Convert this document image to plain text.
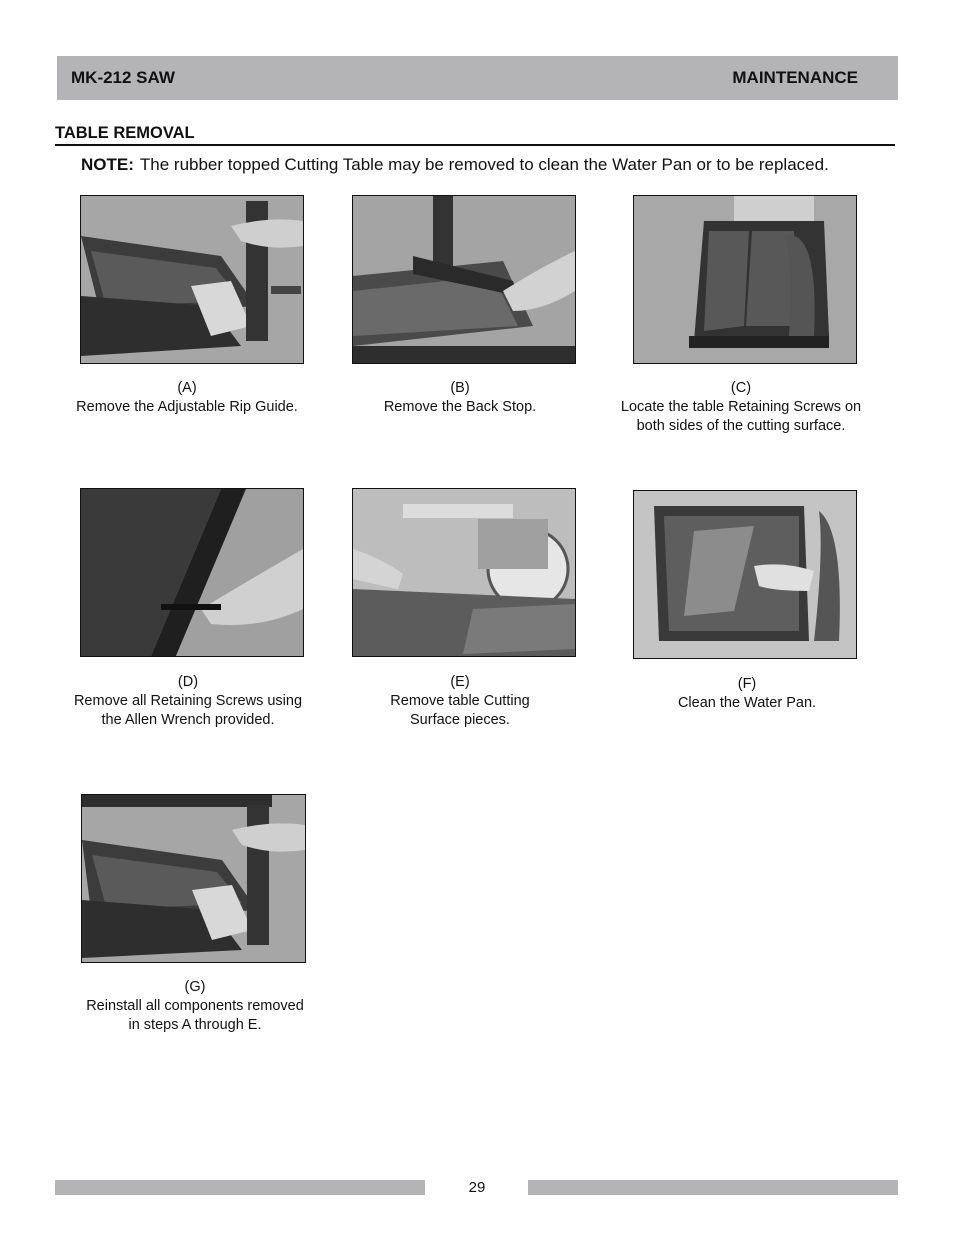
MK-212 SAW	MAINTENANCE
TABLE REMOVAL
NOTE: The rubber topped Cutting Table may be removed to clean the Water Pan or to be replaced.
(A)
Remove the Adjustable Rip Guide.
(B)
Remove the Back Stop.
(C)
Locate the table Retaining Screws on
both sides of the cutting surface.
(D)
Remove all Retaining Screws using
the Allen Wrench provided.
(E)
Remove table Cutting
Surface pieces.
(F)
Clean the Water Pan.
(G)
Reinstall all components removed
in steps A through E.
29
